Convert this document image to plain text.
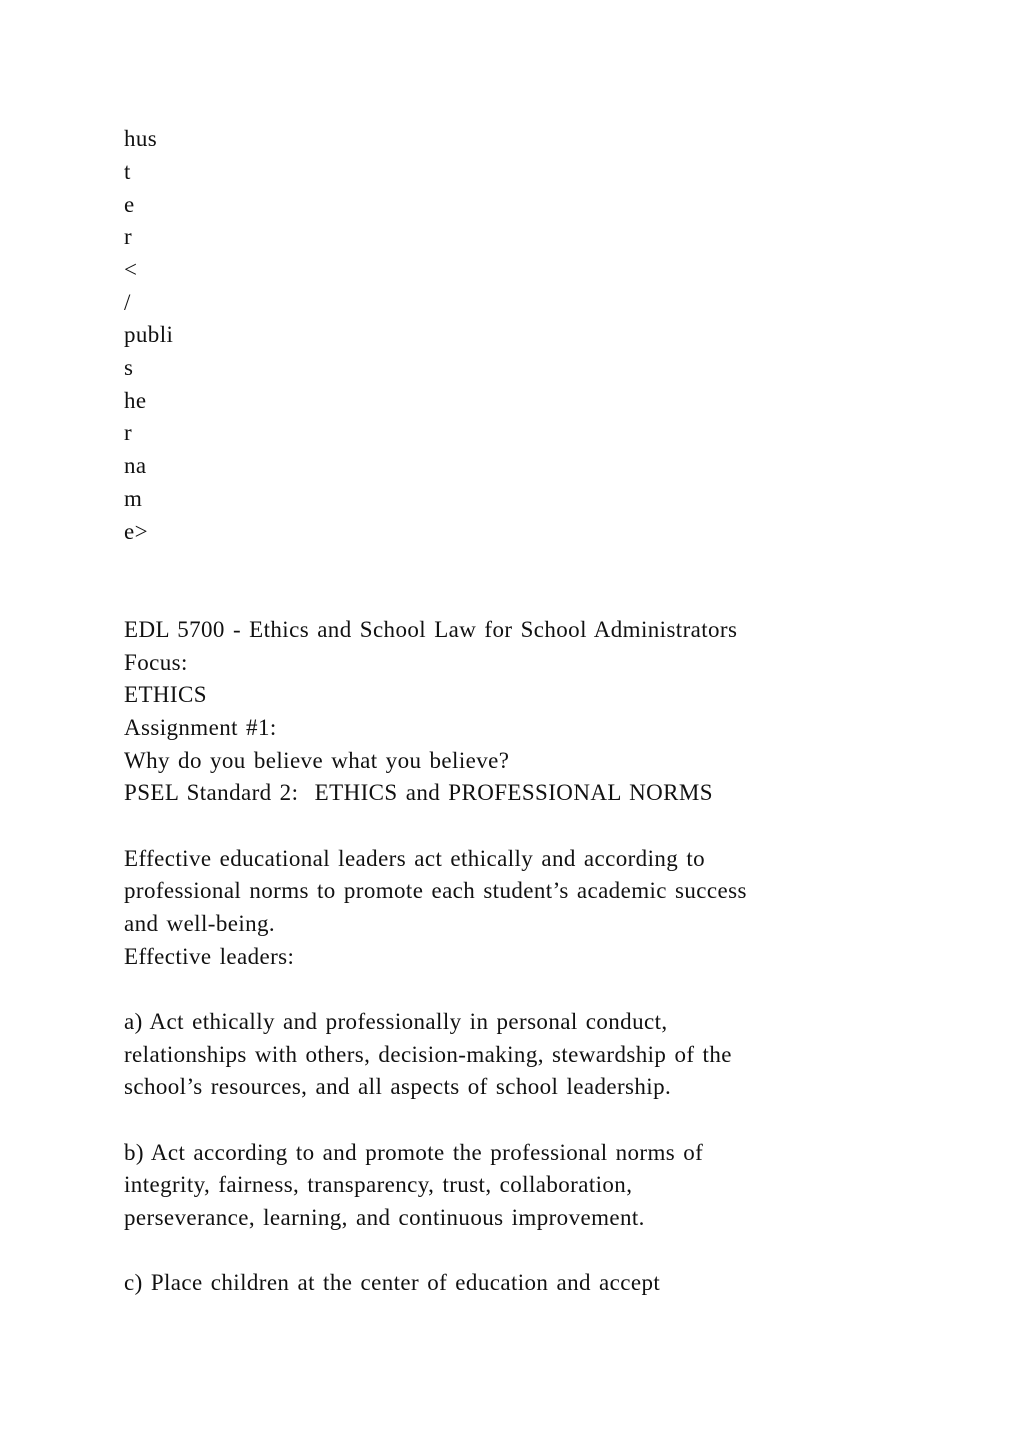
hus
t
e
r
<
/
publi
s
he
r
na
m
e>
EDL 5700 - Ethics and School Law for School Administrators
Focus:
ETHICS
Assignment #1:
Why do you believe what you believe?
PSEL Standard 2:  ETHICS and PROFESSIONAL NORMS
Effective educational leaders act ethically and according to
professional norms to promote each student’s academic success
and well-being.
Effective leaders:
a) Act ethically and professionally in personal conduct,
relationships with others, decision-making, stewardship of the
school’s resources, and all aspects of school leadership.
b) Act according to and promote the professional norms of
integrity, fairness, transparency, trust, collaboration,
perseverance, learning, and continuous improvement.
c) Place children at the center of education and accept
